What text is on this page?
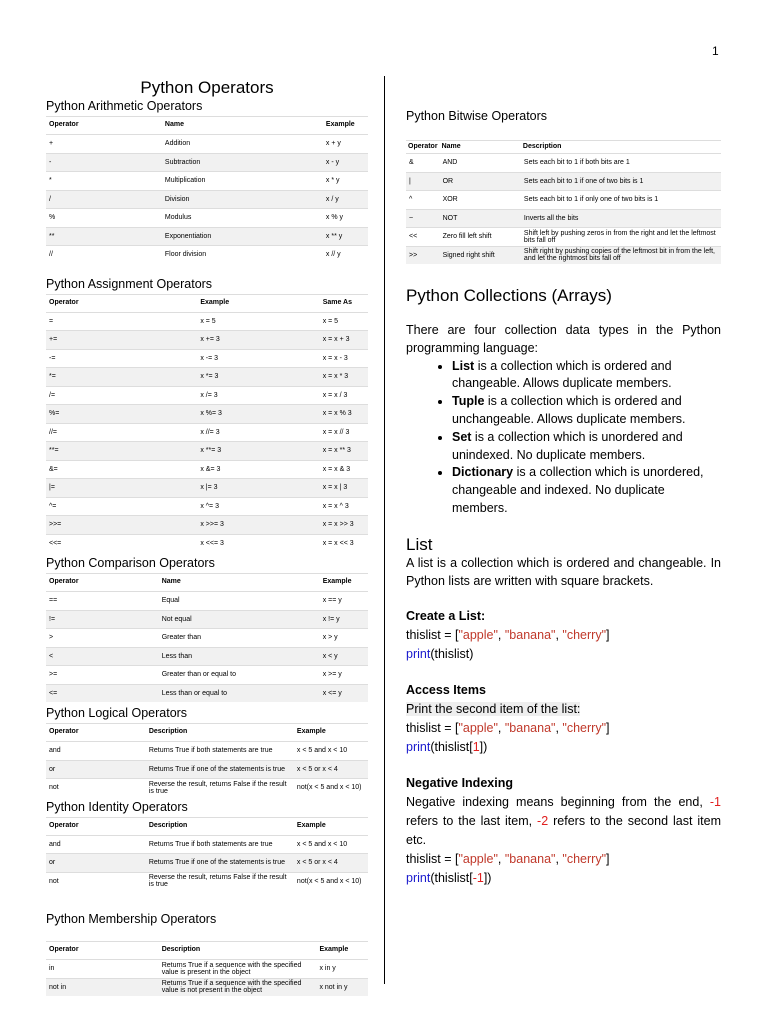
1
Python Operators
Python Arithmetic Operators
Operator	Name	Example
+	Addition	x + y
-	Subtraction	x - y
*	Multiplication	x * y
/	Division	x / y
%	Modulus	x % y
**	Exponentiation	x ** y
//	Floor division	x // y
Python Assignment Operators
Operator	Example	Same As
=	x = 5	x = 5
+=	x += 3	x = x + 3
-=	x -= 3	x = x - 3
*=	x *= 3	x = x * 3
/=	x /= 3	x = x / 3
%=	x %= 3	x = x % 3
//=	x //= 3	x = x // 3
**=	x **= 3	x = x ** 3
&=	x &= 3	x = x & 3
|=	x |= 3	x = x | 3
^=	x ^= 3	x = x ^ 3
>>=	x >>= 3	x = x >> 3
<<=	x <<= 3	x = x << 3
Python Comparison Operators
Operator	Name	Example
==	Equal	x == y
!=	Not equal	x != y
>	Greater than	x > y
<	Less than	x < y
>=	Greater than or equal to	x >= y
<=	Less than or equal to	x <= y
Python Logical Operators
Operator	Description	Example
and	Returns True if both statements are true	x < 5 and x < 10
or	Returns True if one of the statements is true	x < 5 or x < 4
not	Reverse the result, returns False if the result is true	not(x < 5 and x < 10)
Python Identity Operators
Operator	Description	Example
and	Returns True if both statements are true	x < 5 and x < 10
or	Returns True if one of the statements is true	x < 5 or x < 4
not	Reverse the result, returns False if the result is true	not(x < 5 and x < 10)
Python Membership Operators
Operator	Description	Example
in	Returns True if a sequence with the specified value is present in the object	x in y
not in	Returns True if a sequence with the specified value is not present in the object	x not in y
Python Bitwise Operators
Operator	Name	Description
&	AND	Sets each bit to 1 if both bits are 1
|	OR	Sets each bit to 1 if one of two bits is 1
^	XOR	Sets each bit to 1 if only one of two bits is 1
~	NOT	Inverts all the bits
<<	Zero fill left shift	Shift left by pushing zeros in from the right and let the leftmost bits fall off
>>	Signed right shift	Shift right by pushing copies of the leftmost bit in from the left, and let the rightmost bits fall off
Python Collections (Arrays)

There are four collection data types in the Python programming language:

• List is a collection which is ordered and changeable. Allows duplicate members.
• Tuple is a collection which is ordered and unchangeable. Allows duplicate members.
• Set is a collection which is unordered and unindexed. No duplicate members.
• Dictionary is a collection which is unordered, changeable and indexed. No duplicate members.
List

A list is a collection which is ordered and changeable. In Python lists are written with square brackets.

Create a List:

thislist = ["apple", "banana", "cherry"]

print(thislist)

Access Items

Print the second item of the list:

thislist = ["apple", "banana", "cherry"]

print(thislist[1])

Negative Indexing

Negative indexing means beginning from the end, -1 refers to the last item, -2 refers to the second last item etc.

thislist = ["apple", "banana", "cherry"]

print(thislist[-1])
